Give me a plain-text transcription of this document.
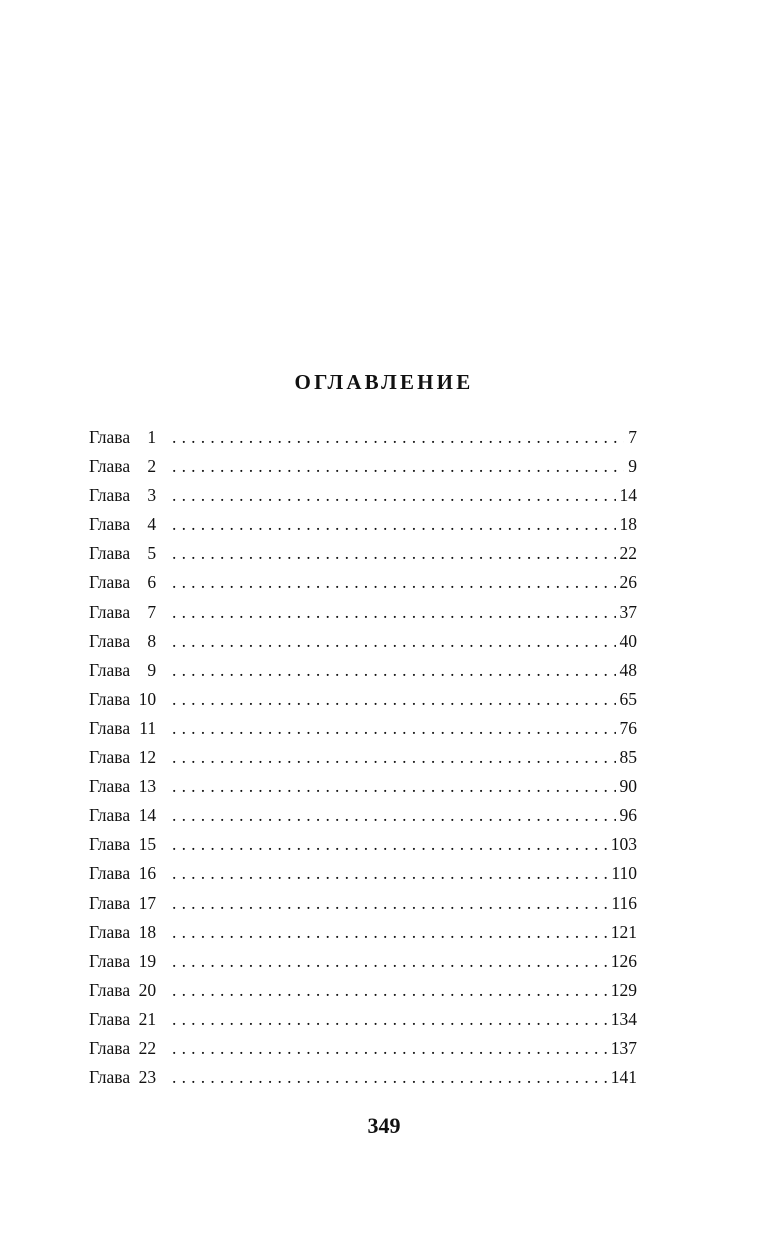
ОГЛАВЛЕНИЕ
Глава 1 . . .	7
Глава 2 . . .	9
Глава 3 . . .	14
Глава 4 . . .	18
Глава 5 . . .	22
Глава 6 . . .	26
Глава 7 . . .	37
Глава 8 . . .	40
Глава 9 . . .	48
Глава 10 . . .	65
Глава 11 . . .	76
Глава 12 . . .	85
Глава 13 . . .	90
Глава 14 . . .	96
Глава 15 . . .	103
Глава 16 . . .	110
Глава 17 . . .	116
Глава 18 . . .	121
Глава 19 . . .	126
Глава 20 . . .	129
Глава 21 . . .	134
Глава 22 . . .	137
Глава 23 . . .	141
349
